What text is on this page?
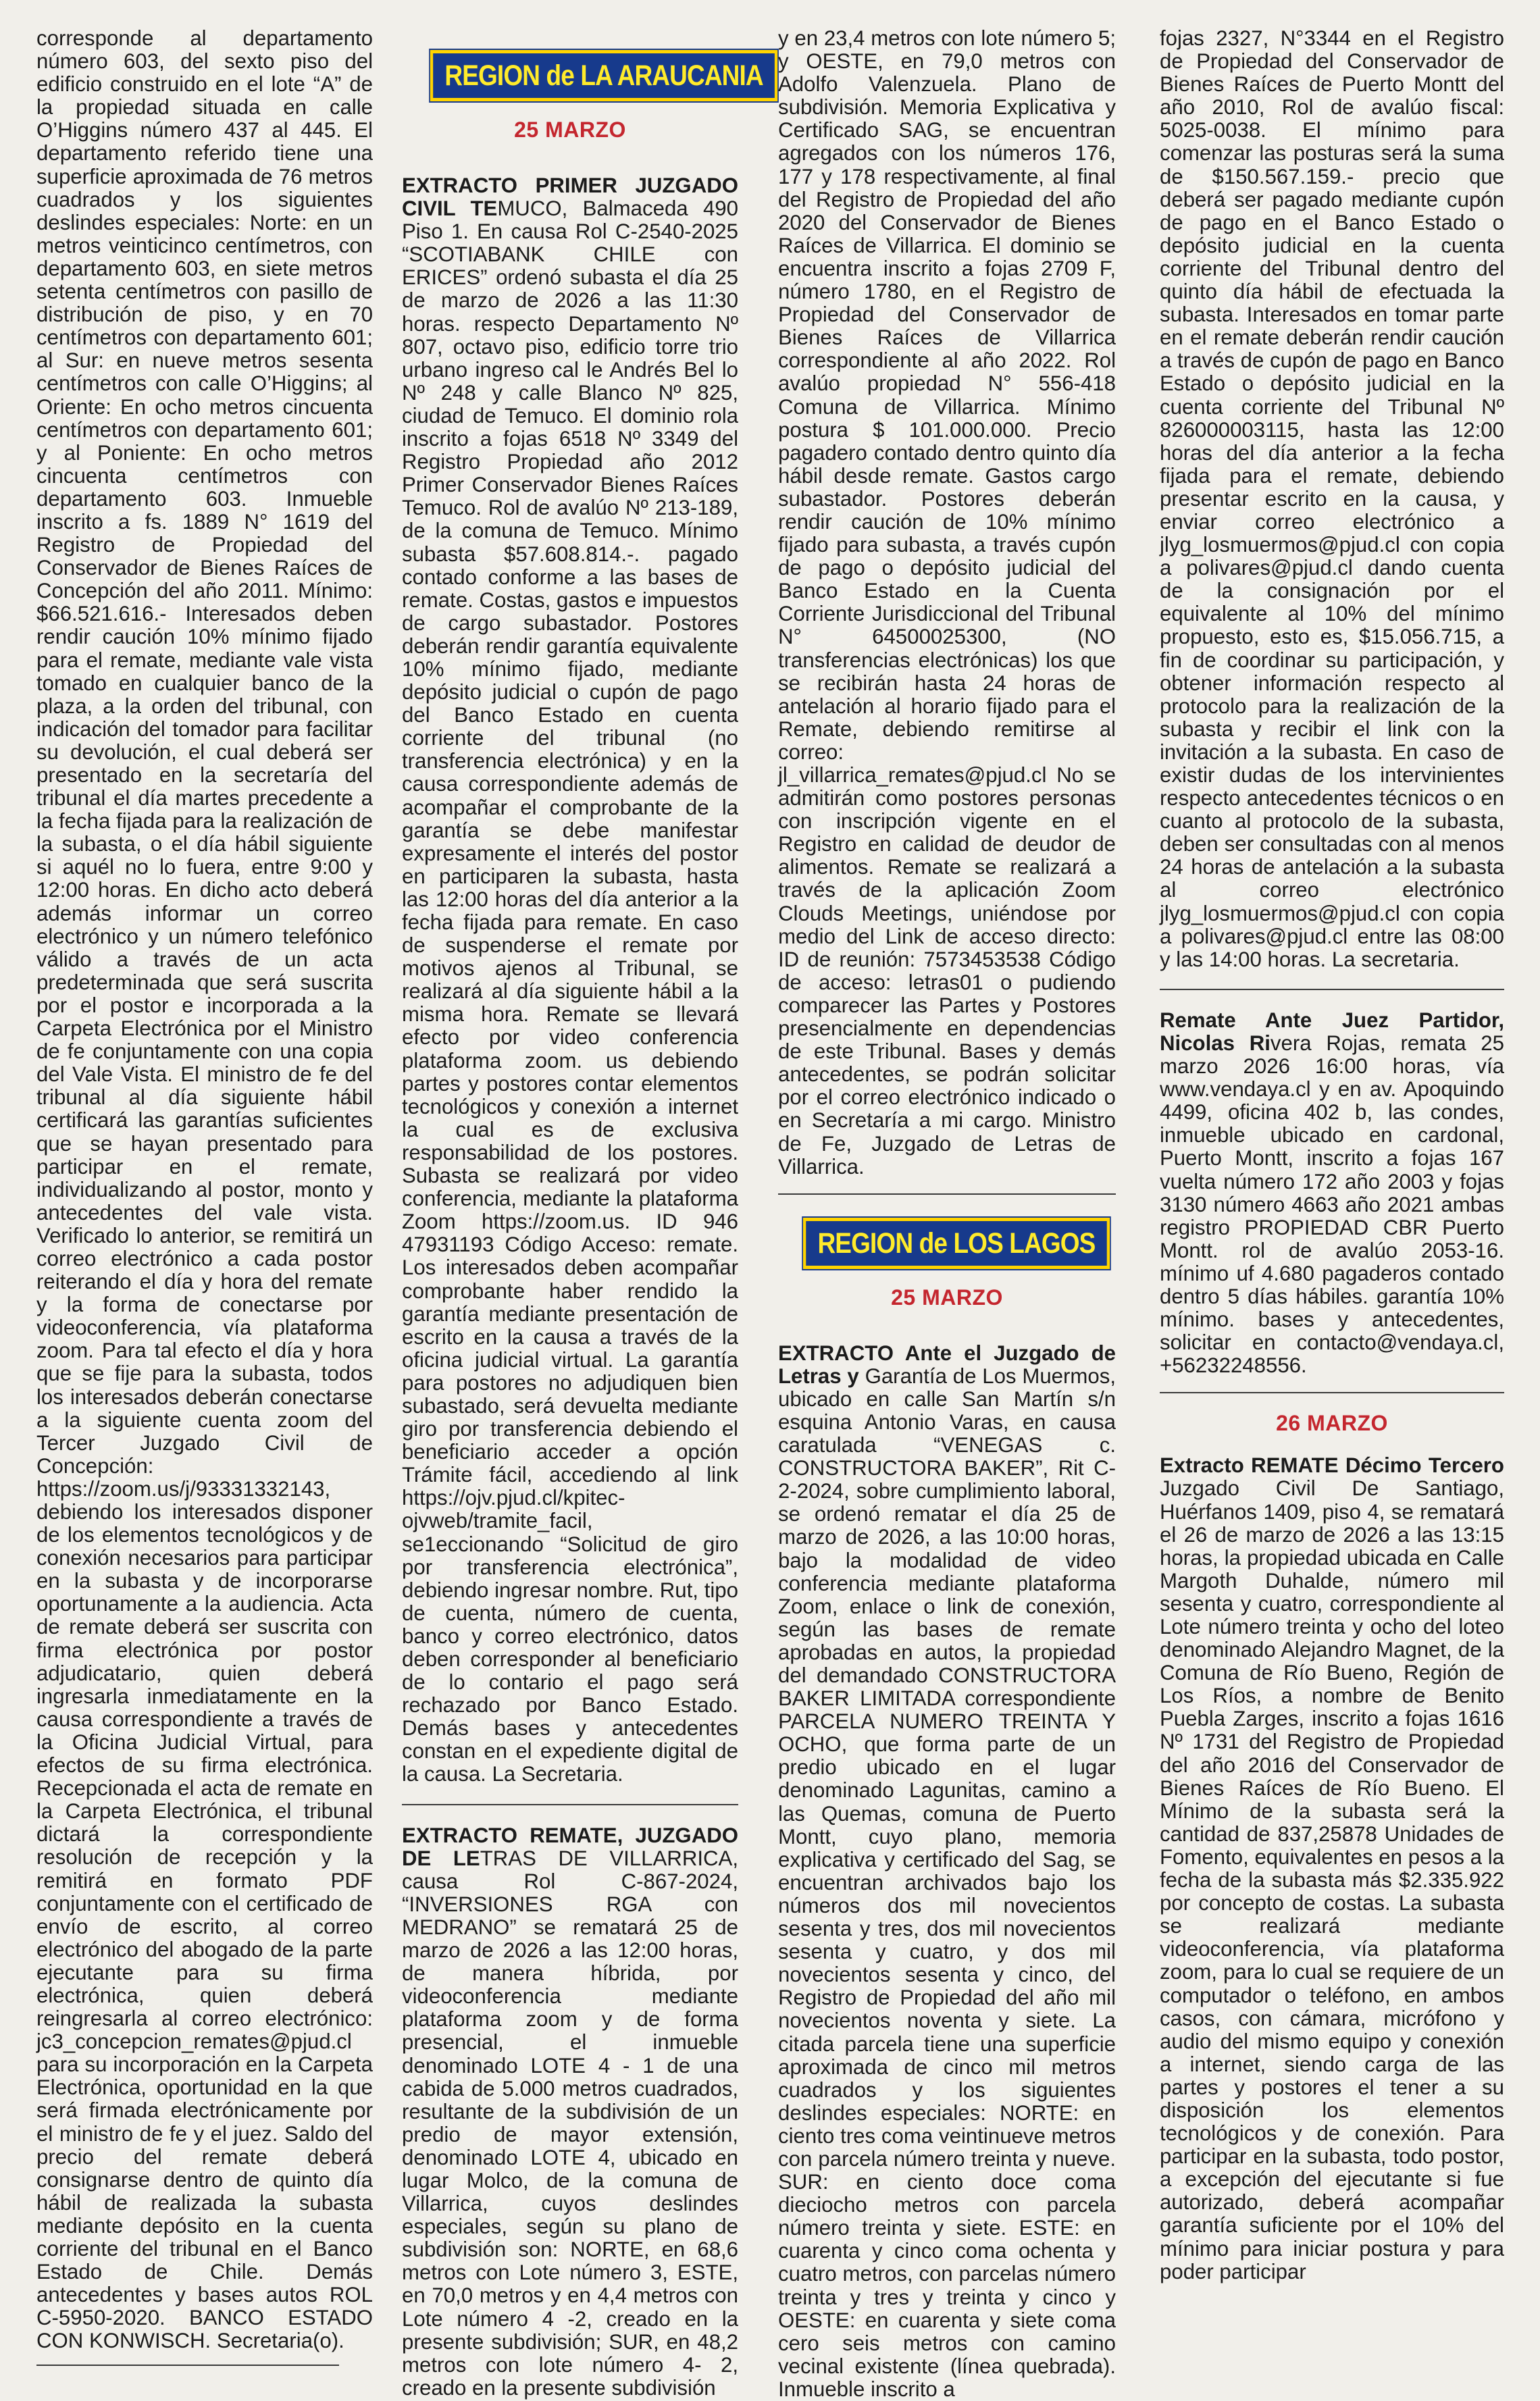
corresponde al departamento número 603, del sexto piso del edificio construido en el lote “A” de la propiedad situada en calle O’Higgins número 437 al 445. El departamento referido tiene una superficie aproximada de 76 metros cuadrados y los siguientes deslindes especiales: Norte: en un metros veinticinco centímetros, con departamento 603, en siete metros setenta centímetros con pasillo de distribución de piso, y en 70 centímetros con departamento 601; al Sur: en nueve metros sesenta centímetros con calle O’Higgins; al Oriente: En ocho metros cincuenta centímetros con departamento 601; y al Poniente: En ocho metros cincuenta centímetros con departamento 603. Inmueble inscrito a fs. 1889 N° 1619 del Registro de Propiedad del Conservador de Bienes Raíces de Concepción del año 2011. Mínimo: $66.521.616.- Interesados deben rendir caución 10% mínimo fijado para el remate, mediante vale vista tomado en cualquier banco de la plaza, a la orden del tribunal, con indicación del tomador para facilitar su devolución, el cual deberá ser presentado en la secretaría del tribunal el día martes precedente a la fecha fijada para la realización de la subasta, o el día hábil siguiente si aquél no lo fuera, entre 9:00 y 12:00 horas. En dicho acto deberá además informar un correo electrónico y un número telefónico válido a través de un acta predeterminada que será suscrita por el postor e incorporada a la Carpeta Electrónica por el Ministro de fe conjuntamente con una copia del Vale Vista. El ministro de fe del tribunal al día siguiente hábil certificará las garantías suficientes que se hayan presentado para participar en el remate, individualizando al postor, monto y antecedentes del vale vista. Verificado lo anterior, se remitirá un correo electrónico a cada postor reiterando el día y hora del remate y la forma de conectarse por videoconferencia, vía plataforma zoom. Para tal efecto el día y hora que se fije para la subasta, todos los interesados deberán conectarse a la siguiente cuenta zoom del Tercer Juzgado Civil de Concepción: https://zoom.us/j/93331332143, debiendo los interesados disponer de los elementos tecnológicos y de conexión necesarios para participar en la subasta y de incorporarse oportunamente a la audiencia. Acta de remate deberá ser suscrita con firma electrónica por postor adjudicatario, quien deberá ingresarla inmediatamente en la causa correspondiente a través de la Oficina Judicial Virtual, para efectos de su firma electrónica. Recepcionada el acta de remate en la Carpeta Electrónica, el tribunal dictará la correspondiente resolución de recepción y la remitirá en formato PDF conjuntamente con el certificado de envío de escrito, al correo electrónico del abogado de la parte ejecutante para su firma electrónica, quien deberá reingresarla al correo electrónico: jc3_concepcion_remates@pjud.cl para su incorporación en la Carpeta Electrónica, oportunidad en la que será firmada electrónicamente por el ministro de fe y el juez. Saldo del precio del remate deberá consignarse dentro de quinto día hábil de realizada la subasta mediante depósito en la cuenta corriente del tribunal en el Banco Estado de Chile. Demás antecedentes y bases autos ROL C-5950-2020. BANCO ESTADO CON KONWISCH. Secretaria(o).

REGION de LA ARAUCANIA
25 MARZO

EXTRACTO PRIMER JUZGADO CIVIL TEMUCO, Balmaceda 490 Piso 1. En causa Rol C-2540-2025 “SCOTIABANK CHILE con ERICES” ordenó subasta el día 25 de marzo de 2026 a las 11:30 horas. respecto Departamento Nº 807, octavo piso, edificio torre trio urbano ingreso cal le Andrés Bel lo Nº 248 y calle Blanco Nº 825, ciudad de Temuco. El dominio rola inscrito a fojas 6518 Nº 3349 del Registro Propiedad año 2012 Primer Conservador Bienes Raíces Temuco. Rol de avalúo Nº 213-189, de la comuna de Temuco. Mínimo subasta $57.608.814.-. pagado contado conforme a las bases de remate. Costas, gastos e impuestos de cargo subastador. Postores deberán rendir garantía equivalente 10% mínimo fijado, mediante depósito judicial o cupón de pago del Banco Estado en cuenta corriente del tribunal (no transferencia electrónica) y en la causa correspondiente además de acompañar el comprobante de la garantía se debe manifestar expresamente el interés del postor en participaren la subasta, hasta las 12:00 horas del día anterior a la fecha fijada para remate. En caso de suspenderse el remate por motivos ajenos al Tribunal, se realizará al día siguiente hábil a la misma hora. Remate se llevará efecto por video conferencia plataforma zoom. us debiendo partes y postores contar elementos tecnológicos y conexión a internet la cual es de exclusiva responsabilidad de los postores. Subasta se realizará por video conferencia, mediante la plataforma Zoom https://zoom.us. ID 946 47931193 Código Acceso: remate. Los interesados deben acompañar comprobante haber rendido la garantía mediante presentación de escrito en la causa a través de la oficina judicial virtual. La garantía para postores no adjudiquen bien subastado, será devuelta mediante giro por transferencia debiendo el beneficiario acceder a opción Trámite fácil, accediendo al link https://ojv.pjud.cl/kpitec-ojvweb/tramite_facil, se1eccionando “Solicitud de giro por transferencia electrónica”, debiendo ingresar nombre. Rut, tipo de cuenta, número de cuenta, banco y correo electrónico, datos deben corresponder al beneficiario de lo contario el pago será rechazado por Banco Estado. Demás bases y antecedentes constan en el expediente digital de la causa. La Secretaria.

EXTRACTO REMATE, JUZGADO DE LETRAS DE VILLARRICA, causa Rol C-867-2024, “INVERSIONES RGA con MEDRANO” se rematará 25 de marzo de 2026 a las 12:00 horas, de manera híbrida, por videoconferencia mediante plataforma zoom y de forma presencial, el inmueble denominado LOTE 4 - 1 de una cabida de 5.000 metros cuadrados, resultante de la subdivisión de un predio de mayor extensión, denominado LOTE 4, ubicado en lugar Molco, de la comuna de Villarrica, cuyos deslindes especiales, según su plano de subdivisión son: NORTE, en 68,6 metros con Lote número 3, ESTE, en 70,0 metros y en 4,4 metros con Lote número 4 -2, creado en la presente subdivisión; SUR, en 48,2 metros con lote número 4- 2, creado en la presente subdivisión

y en 23,4 metros con lote número 5; y OESTE, en 79,0 metros con Adolfo Valenzuela. Plano de subdivisión. Memoria Explicativa y Certificado SAG, se encuentran agregados con los números 176, 177 y 178 respectivamente, al final del Registro de Propiedad del año 2020 del Conservador de Bienes Raíces de Villarrica. El dominio se encuentra inscrito a fojas 2709 F, número 1780, en el Registro de Propiedad del Conservador de Bienes Raíces de Villarrica correspondiente al año 2022. Rol avalúo propiedad N° 556-418 Comuna de Villarrica. Mínimo postura $ 101.000.000. Precio pagadero contado dentro quinto día hábil desde remate. Gastos cargo subastador. Postores deberán rendir caución de 10% mínimo fijado para subasta, a través cupón de pago o depósito judicial del Banco Estado en la Cuenta Corriente Jurisdiccional del Tribunal N° 64500025300, (NO transferencias electrónicas) los que se recibirán hasta 24 horas de antelación al horario fijado para el Remate, debiendo remitirse al correo: jl_villarrica_remates@pjud.cl No se admitirán como postores personas con inscripción vigente en el Registro en calidad de deudor de alimentos. Remate se realizará a través de la aplicación Zoom Clouds Meetings, uniéndose por medio del Link de acceso directo: ID de reunión: 7573453538 Código de acceso: letras01 o pudiendo comparecer las Partes y Postores presencialmente en dependencias de este Tribunal. Bases y demás antecedentes, se podrán solicitar por el correo electrónico indicado o en Secretaría a mi cargo. Ministro de Fe, Juzgado de Letras de Villarrica.

REGION de LOS LAGOS
25 MARZO

EXTRACTO Ante el Juzgado de Letras y Garantía de Los Muermos, ubicado en calle San Martín s/n esquina Antonio Varas, en causa caratulada “VENEGAS c. CONSTRUCTORA BAKER”, Rit C-2-2024, sobre cumplimiento laboral, se ordenó rematar el día 25 de marzo de 2026, a las 10:00 horas, bajo la modalidad de video conferencia mediante plataforma Zoom, enlace o link de conexión, según las bases de remate aprobadas en autos, la propiedad del demandado CONSTRUCTORA BAKER LIMITADA correspondiente PARCELA NUMERO TREINTA Y OCHO, que forma parte de un predio ubicado en el lugar denominado Lagunitas, camino a las Quemas, comuna de Puerto Montt, cuyo plano, memoria explicativa y certificado del Sag, se encuentran archivados bajo los números dos mil novecientos sesenta y tres, dos mil novecientos sesenta y cuatro, y dos mil novecientos sesenta y cinco, del Registro de Propiedad del año mil novecientos noventa y siete. La citada parcela tiene una superficie aproximada de cinco mil metros cuadrados y los siguientes deslindes especiales: NORTE: en ciento tres coma veintinueve metros con parcela número treinta y nueve. SUR: en ciento doce coma dieciocho metros con parcela número treinta y siete. ESTE: en cuarenta y cinco coma ochenta y cuatro metros, con parcelas número treinta y tres y treinta y cinco y OESTE: en cuarenta y siete coma cero seis metros con camino vecinal existente (línea quebrada). Inmueble inscrito a

fojas 2327, N°3344 en el Registro de Propiedad del Conservador de Bienes Raíces de Puerto Montt del año 2010, Rol de avalúo fiscal: 5025-0038. El mínimo para comenzar las posturas será la suma de $150.567.159.- precio que deberá ser pagado mediante cupón de pago en el Banco Estado o depósito judicial en la cuenta corriente del Tribunal dentro del quinto día hábil de efectuada la subasta. Interesados en tomar parte en el remate deberán rendir caución a través de cupón de pago en Banco Estado o depósito judicial en la cuenta corriente del Tribunal Nº 826000003115, hasta las 12:00 horas del día anterior a la fecha fijada para el remate, debiendo presentar escrito en la causa, y enviar correo electrónico a jlyg_losmuermos@pjud.cl con copia a polivares@pjud.cl dando cuenta de la consignación por el equivalente al 10% del mínimo propuesto, esto es, $15.056.715, a fin de coordinar su participación, y obtener información respecto al protocolo para la realización de la subasta y recibir el link con la invitación a la subasta. En caso de existir dudas de los intervinientes respecto antecedentes técnicos o en cuanto al protocolo de la subasta, deben ser consultadas con al menos 24 horas de antelación a la subasta al correo electrónico jlyg_losmuermos@pjud.cl con copia a polivares@pjud.cl entre las 08:00 y las 14:00 horas. La secretaria.

Remate Ante Juez Partidor, Nicolas Rivera Rojas, remata 25 marzo 2026 16:00 horas, vía www.vendaya.cl y en av. Apoquindo 4499, oficina 402 b, las condes, inmueble ubicado en cardonal, Puerto Montt, inscrito a fojas 167 vuelta número 172 año 2003 y fojas 3130 número 4663 año 2021 ambas registro PROPIEDAD CBR Puerto Montt. rol de avalúo 2053-16. mínimo uf 4.680 pagaderos contado dentro 5 días hábiles. garantía 10% mínimo. bases y antecedentes, solicitar en contacto@vendaya.cl, +56232248556.

26 MARZO

Extracto REMATE Décimo Tercero Juzgado Civil De Santiago, Huérfanos 1409, piso 4, se rematará el 26 de marzo de 2026 a las 13:15 horas, la propiedad ubicada en Calle Margoth Duhalde, número mil sesenta y cuatro, correspondiente al Lote número treinta y ocho del loteo denominado Alejandro Magnet, de la Comuna de Río Bueno, Región de Los Ríos, a nombre de Benito Puebla Zarges, inscrito a fojas 1616 Nº 1731 del Registro de Propiedad del año 2016 del Conservador de Bienes Raíces de Río Bueno. El Mínimo de la subasta será la cantidad de 837,25878 Unidades de Fomento, equivalentes en pesos a la fecha de la subasta más $2.335.922 por concepto de costas. La subasta se realizará mediante videoconferencia, vía plataforma zoom, para lo cual se requiere de un computador o teléfono, en ambos casos, con cámara, micrófono y audio del mismo equipo y conexión a internet, siendo carga de las partes y postores el tener a su disposición los elementos tecnológicos y de conexión. Para participar en la subasta, todo postor, a excepción del ejecutante si fue autorizado, deberá acompañar garantía suficiente por el 10% del mínimo para iniciar postura y para poder participar
